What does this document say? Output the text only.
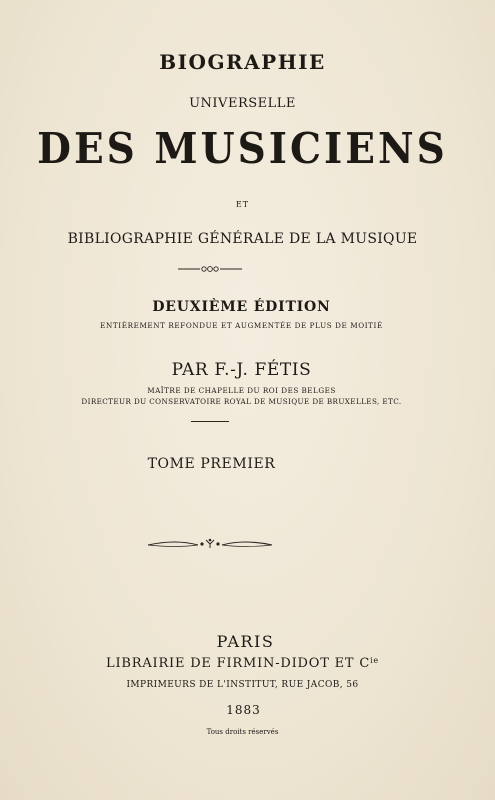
BIOGRAPHIE
UNIVERSELLE
DES MUSICIENS
ET
BIBLIOGRAPHIE GÉNÉRALE DE LA MUSIQUE
DEUXIÈME ÉDITION
ENTIÈREMENT REFONDUE ET AUGMENTÉE DE PLUS DE MOITIÉ
PAR F.-J. FÉTIS
MAÎTRE DE CHAPELLE DU ROI DES BELGES
DIRECTEUR DU CONSERVATOIRE ROYAL DE MUSIQUE DE BRUXELLES, ETC.
TOME PREMIER
PARIS
LIBRAIRIE DE FIRMIN-DIDOT ET $C^{ie}$
IMPRIMEURS DE L'INSTITUT, RUE JACOB, 56
1883
Tous droits réservés
